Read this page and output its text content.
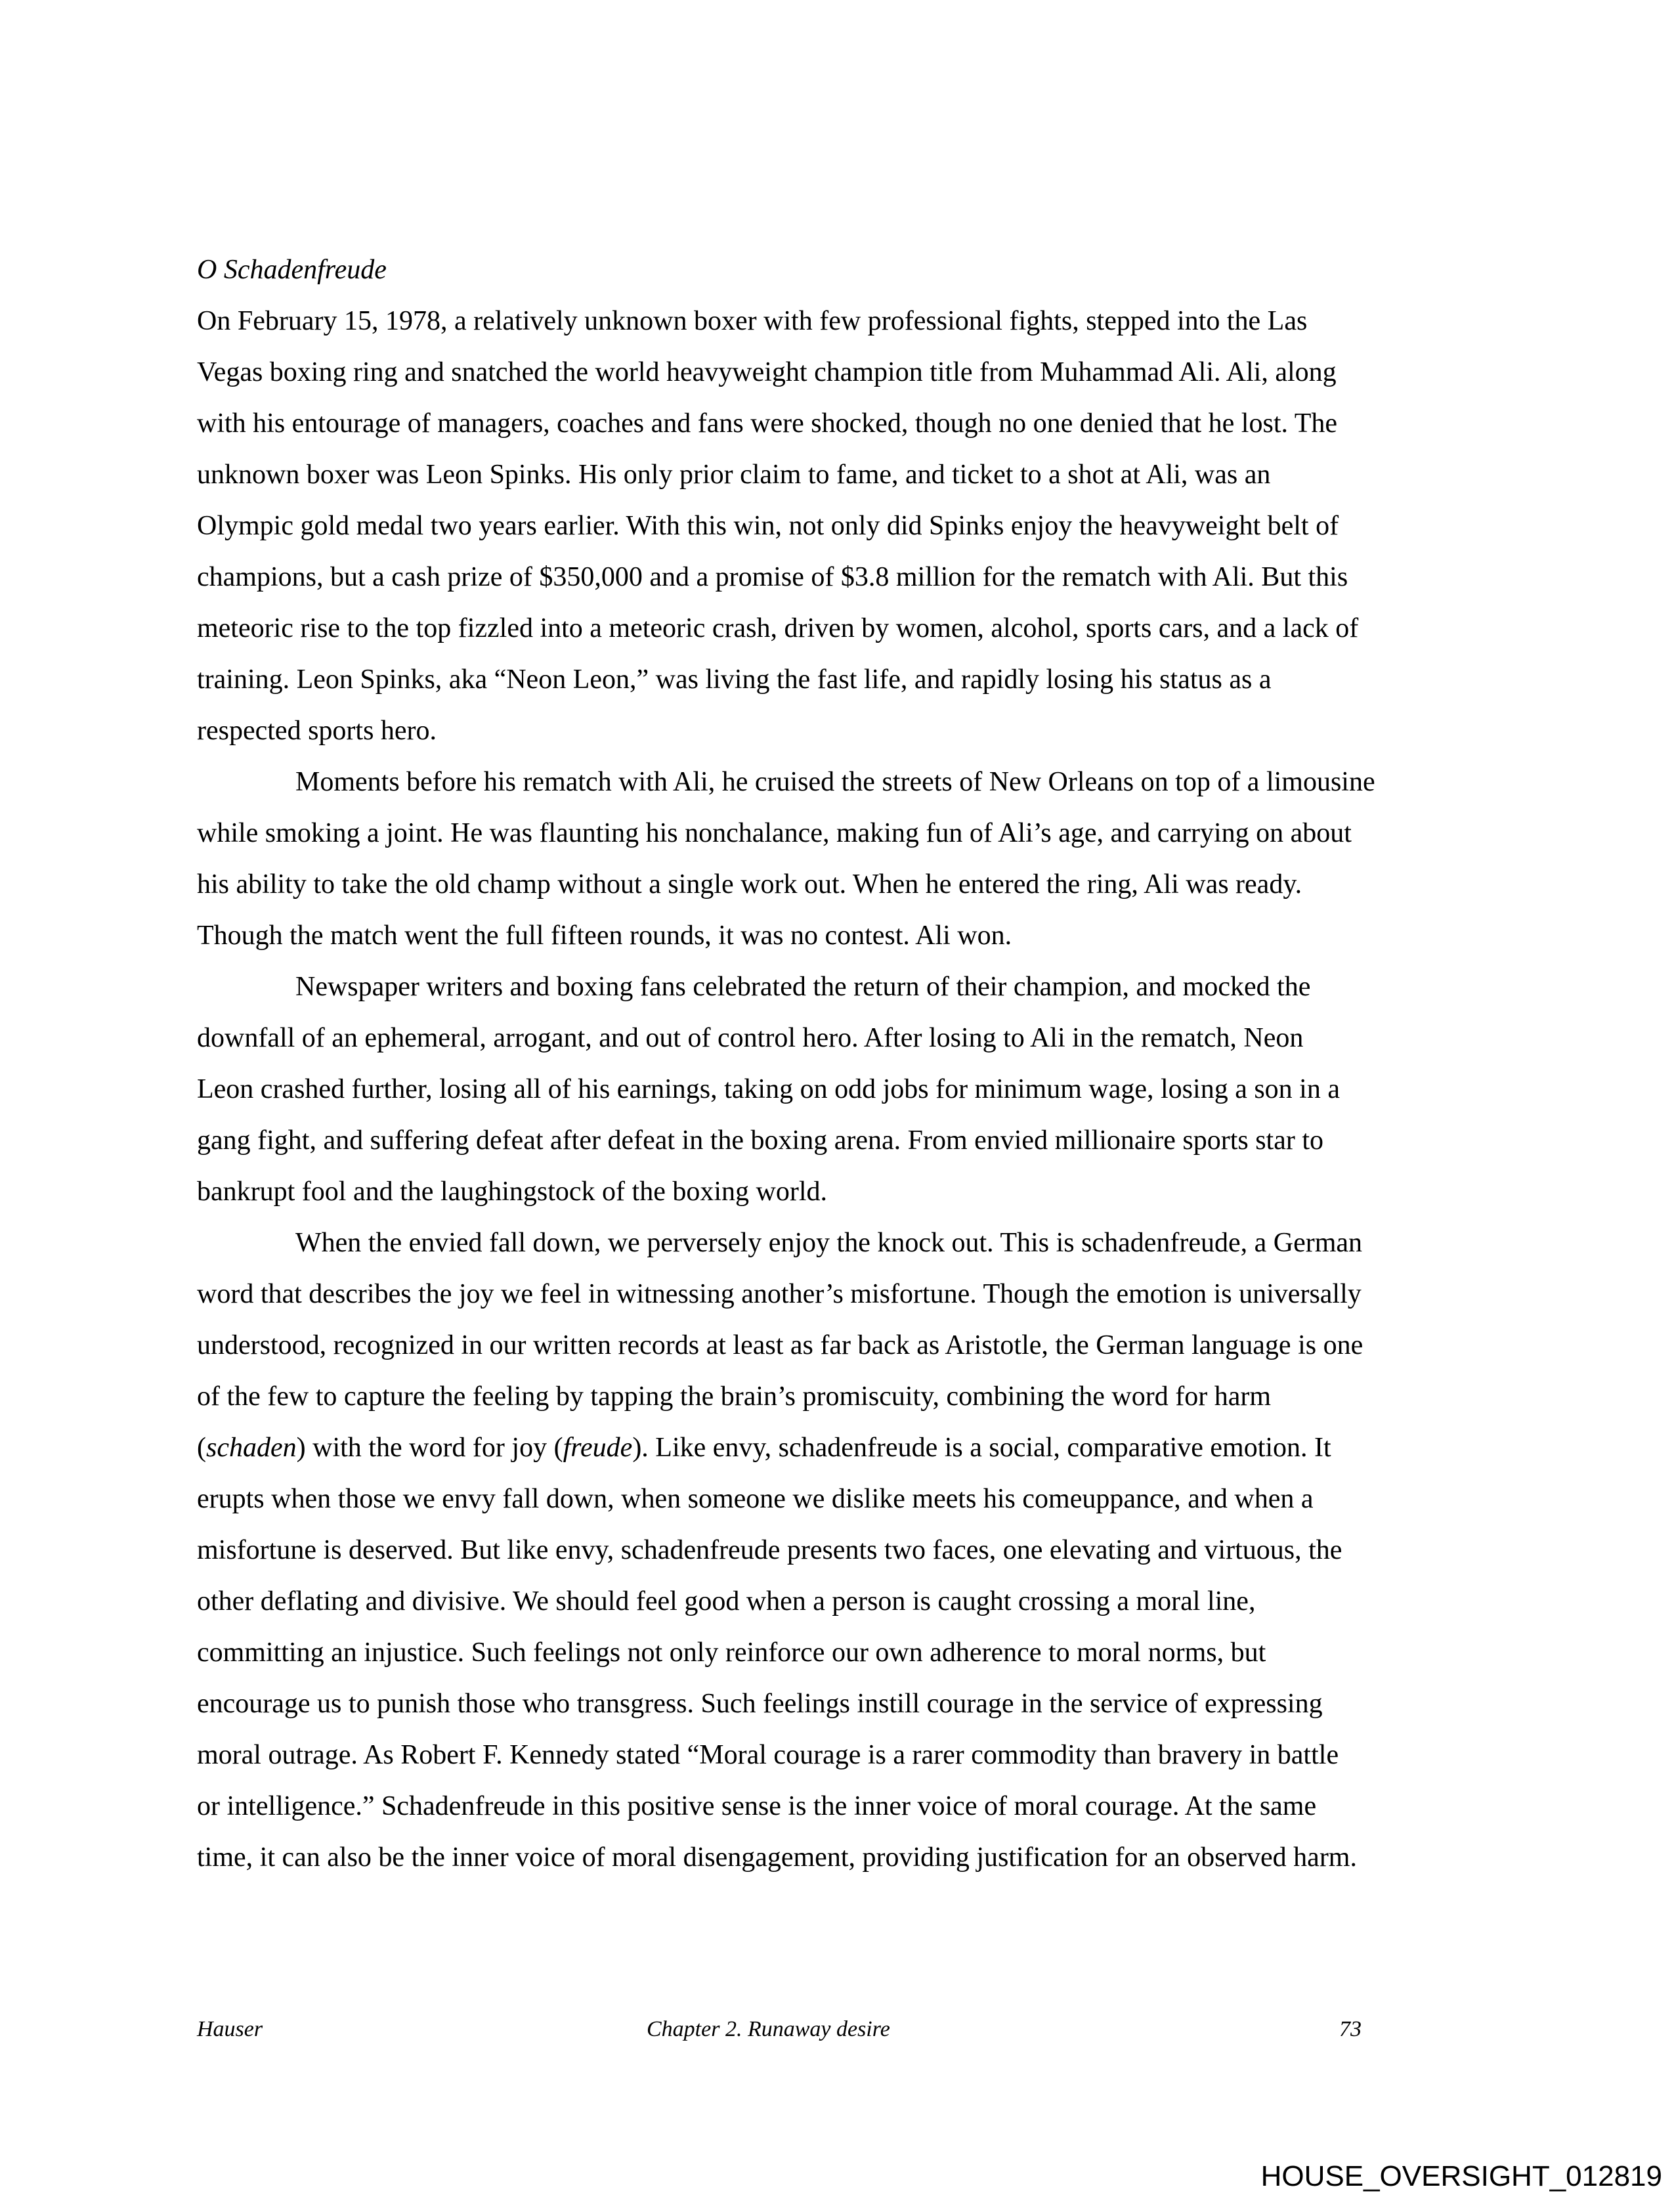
O Schadenfreude

On February 15, 1978, a relatively unknown boxer with few professional fights, stepped into the Las
Vegas boxing ring and snatched the world heavyweight champion title from Muhammad Ali. Ali, along
with his entourage of managers, coaches and fans were shocked, though no one denied that he lost. The
unknown boxer was Leon Spinks. His only prior claim to fame, and ticket to a shot at Ali, was an
Olympic gold medal two years earlier. With this win, not only did Spinks enjoy the heavyweight belt of
champions, but a cash prize of $350,000 and a promise of $3.8 million for the rematch with Ali. But this
meteoric rise to the top fizzled into a meteoric crash, driven by women, alcohol, sports cars, and a lack of
training. Leon Spinks, aka “Neon Leon,” was living the fast life, and rapidly losing his status as a
respected sports hero.

Moments before his rematch with Ali, he cruised the streets of New Orleans on top of a limousine
while smoking a joint. He was flaunting his nonchalance, making fun of Ali’s age, and carrying on about
his ability to take the old champ without a single work out. When he entered the ring, Ali was ready.
Though the match went the full fifteen rounds, it was no contest. Ali won.

Newspaper writers and boxing fans celebrated the return of their champion, and mocked the
downfall of an ephemeral, arrogant, and out of control hero. After losing to Ali in the rematch, Neon
Leon crashed further, losing all of his earnings, taking on odd jobs for minimum wage, losing a son in a
gang fight, and suffering defeat after defeat in the boxing arena. From envied millionaire sports star to
bankrupt fool and the laughingstock of the boxing world.

When the envied fall down, we perversely enjoy the knock out. This is schadenfreude, a German
word that describes the joy we feel in witnessing another’s misfortune. Though the emotion is universally
understood, recognized in our written records at least as far back as Aristotle, the German language is one
of the few to capture the feeling by tapping the brain’s promiscuity, combining the word for harm
(schaden) with the word for joy (freude). Like envy, schadenfreude is a social, comparative emotion. It
erupts when those we envy fall down, when someone we dislike meets his comeuppance, and when a
misfortune is deserved. But like envy, schadenfreude presents two faces, one elevating and virtuous, the
other deflating and divisive. We should feel good when a person is caught crossing a moral line,
committing an injustice. Such feelings not only reinforce our own adherence to moral norms, but
encourage us to punish those who transgress. Such feelings instill courage in the service of expressing
moral outrage. As Robert F. Kennedy stated “Moral courage is a rarer commodity than bravery in battle
or intelligence.” Schadenfreude in this positive sense is the inner voice of moral courage. At the same
time, it can also be the inner voice of moral disengagement, providing justification for an observed harm.

Hauser	Chapter 2. Runaway desire	73
HOUSE_OVERSIGHT_012819
